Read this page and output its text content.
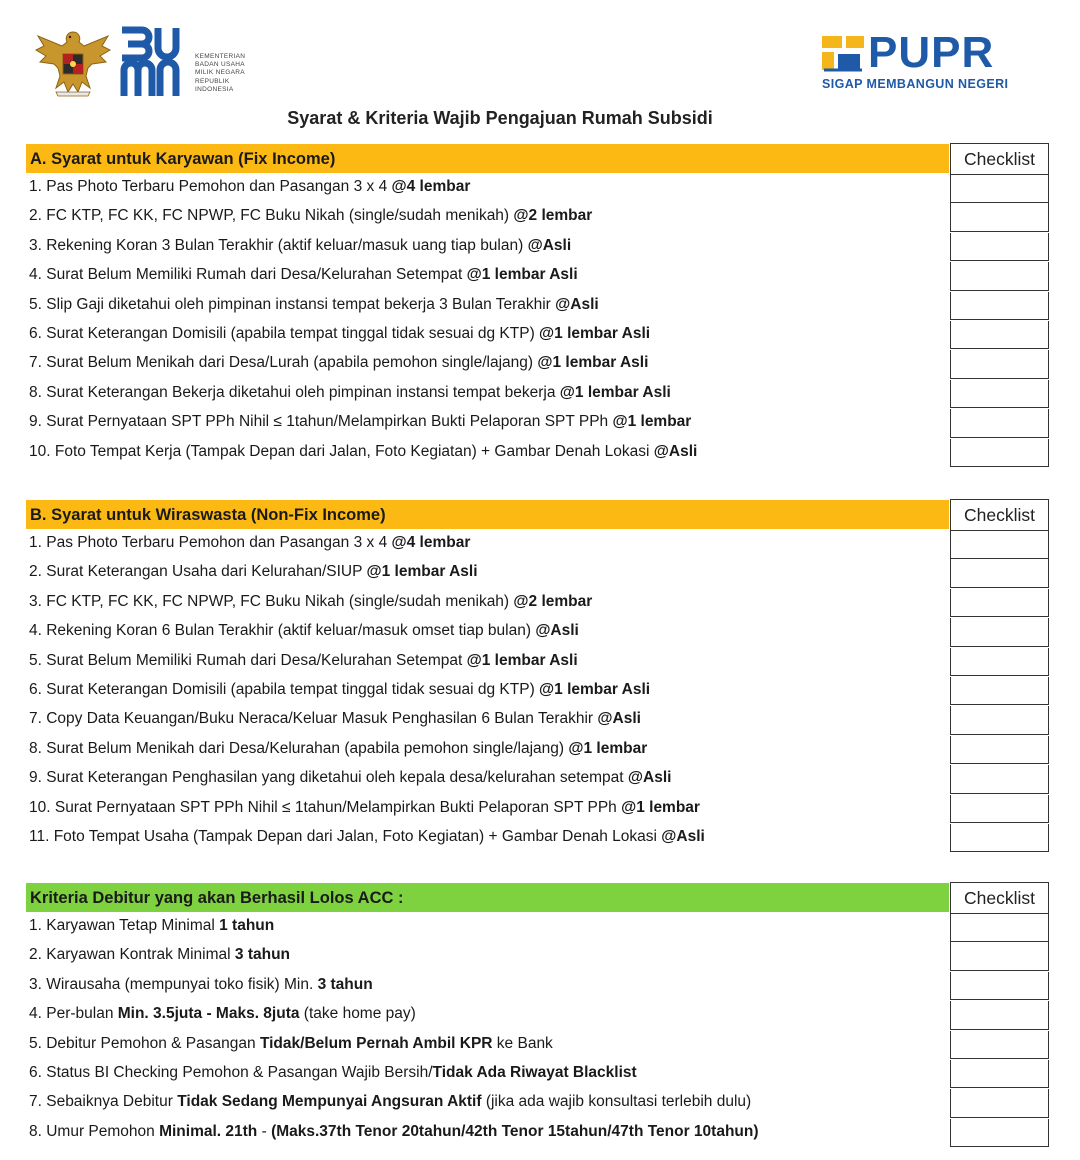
KEMENTERIAN
BADAN USAHA
MILIK NEGARA
REPUBLIK
INDONESIA
PUPR
SIGAP MEMBANGUN NEGERI
Syarat & Kriteria Wajib Pengajuan Rumah Subsidi
A. Syarat untuk Karyawan (Fix Income)	Checklist
1. Pas Photo Terbaru Pemohon dan Pasangan 3 x 4 @4 lembar
2. FC KTP, FC KK, FC NPWP, FC Buku Nikah (single/sudah menikah) @2 lembar
3. Rekening Koran 3 Bulan Terakhir (aktif keluar/masuk uang tiap bulan) @Asli
4. Surat Belum Memiliki Rumah dari Desa/Kelurahan Setempat @1 lembar Asli
5. Slip Gaji diketahui oleh pimpinan instansi tempat bekerja 3 Bulan Terakhir @Asli
6. Surat Keterangan Domisili (apabila tempat tinggal tidak sesuai dg KTP) @1 lembar Asli
7. Surat Belum Menikah dari Desa/Lurah (apabila pemohon single/lajang) @1 lembar Asli
8. Surat Keterangan Bekerja diketahui oleh pimpinan instansi tempat bekerja @1 lembar Asli
9. Surat Pernyataan SPT PPh Nihil ≤ 1tahun/Melampirkan Bukti Pelaporan SPT PPh @1 lembar
10. Foto Tempat Kerja (Tampak Depan dari Jalan, Foto Kegiatan) + Gambar Denah Lokasi @Asli
B. Syarat untuk Wiraswasta (Non-Fix Income)	Checklist
1. Pas Photo Terbaru Pemohon dan Pasangan 3 x 4 @4 lembar
2. Surat Keterangan Usaha dari Kelurahan/SIUP @1 lembar Asli
3. FC KTP, FC KK, FC NPWP, FC Buku Nikah (single/sudah menikah) @2 lembar
4. Rekening Koran 6 Bulan Terakhir (aktif keluar/masuk omset tiap bulan) @Asli
5. Surat Belum Memiliki Rumah dari Desa/Kelurahan Setempat @1 lembar Asli
6. Surat Keterangan Domisili (apabila tempat tinggal tidak sesuai dg KTP) @1 lembar Asli
7. Copy Data Keuangan/Buku Neraca/Keluar Masuk Penghasilan 6 Bulan Terakhir @Asli
8. Surat Belum Menikah dari Desa/Kelurahan (apabila pemohon single/lajang) @1 lembar
9. Surat Keterangan Penghasilan yang diketahui oleh kepala desa/kelurahan setempat @Asli
10. Surat Pernyataan SPT PPh Nihil ≤ 1tahun/Melampirkan Bukti Pelaporan SPT PPh @1 lembar
11. Foto Tempat Usaha (Tampak Depan dari Jalan, Foto Kegiatan) + Gambar Denah Lokasi @Asli
Kriteria Debitur yang akan Berhasil Lolos ACC :	Checklist
1. Karyawan Tetap Minimal 1 tahun
2. Karyawan Kontrak Minimal 3 tahun
3. Wirausaha (mempunyai toko fisik) Min. 3 tahun
4. Per-bulan Min. 3.5juta - Maks. 8juta (take home pay)
5. Debitur Pemohon & Pasangan Tidak/Belum Pernah Ambil KPR ke Bank
6. Status BI Checking Pemohon & Pasangan Wajib Bersih/Tidak Ada Riwayat Blacklist
7. Sebaiknya Debitur Tidak Sedang Mempunyai Angsuran Aktif (jika ada wajib konsultasi terlebih dulu)
8. Umur Pemohon Minimal. 21th - (Maks.37th Tenor 20tahun/42th Tenor 15tahun/47th Tenor 10tahun)
